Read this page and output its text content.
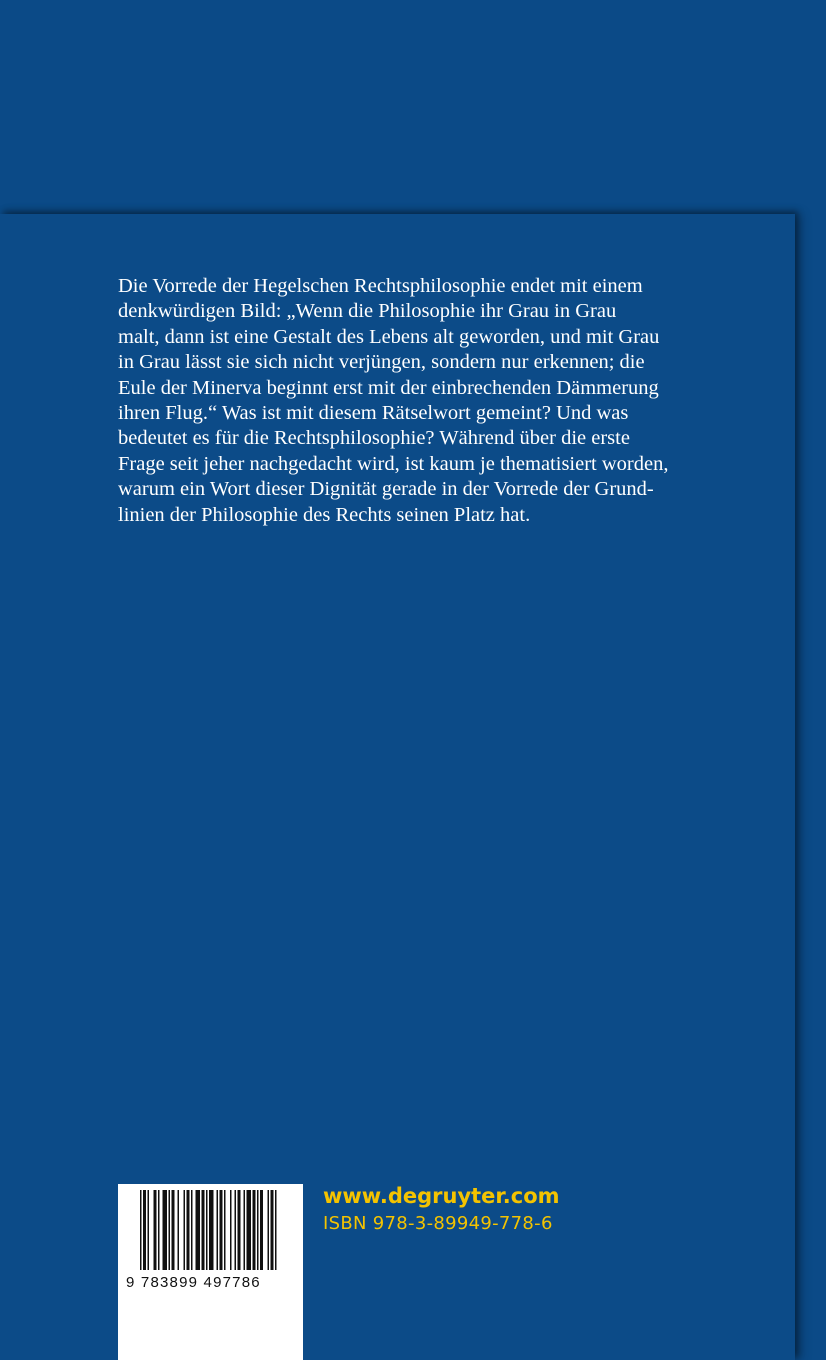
Die Vorrede der Hegelschen Rechtsphilosophie endet mit einem
denkwürdigen Bild: „Wenn die Philosophie ihr Grau in Grau
malt, dann ist eine Gestalt des Lebens alt geworden, und mit Grau
in Grau lässt sie sich nicht verjüngen, sondern nur erkennen; die
Eule der Minerva beginnt erst mit der einbrechenden Dämmerung
ihren Flug.“ Was ist mit diesem Rätselwort gemeint? Und was
bedeutet es für die Rechtsphilosophie? Während über die erste
Frage seit jeher nachgedacht wird, ist kaum je thematisiert worden,
warum ein Wort dieser Dignität gerade in der Vorrede der Grund-
linien der Philosophie des Rechts seinen Platz hat.
9 783899 497786
www.degruyter.com
ISBN 978-3-89949-778-6
